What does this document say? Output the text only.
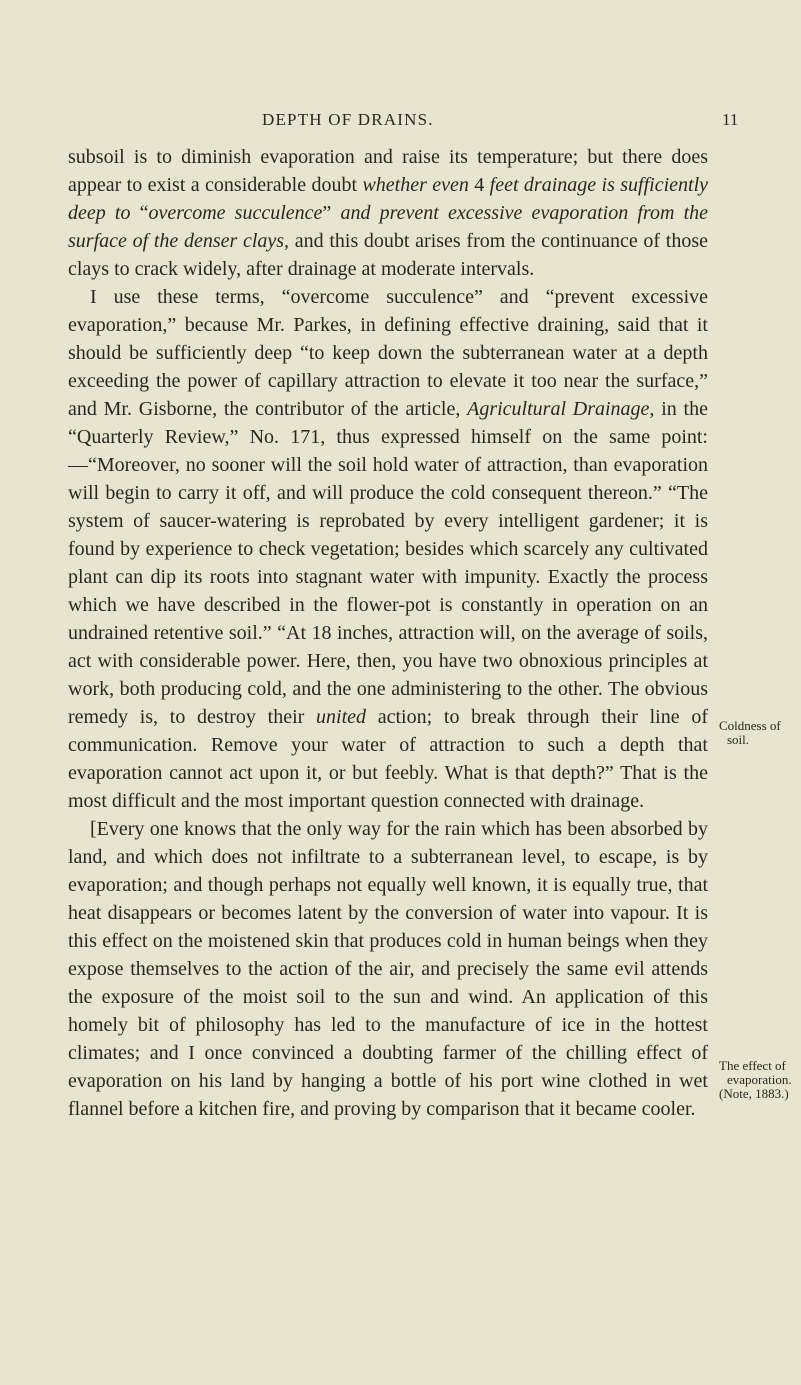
DEPTH OF DRAINS.	11

subsoil is to diminish evaporation and raise its temperature; but there does appear to exist a considerable doubt whether even 4 feet drainage is sufficiently deep to “overcome succulence” and prevent excessive evaporation from the surface of the denser clays, and this doubt arises from the continuance of those clays to crack widely, after drainage at moderate intervals.

I use these terms, “overcome succulence” and “prevent excessive evaporation,” because Mr. Parkes, in defining effective draining, said that it should be sufficiently deep “to keep down the subterranean water at a depth exceeding the power of capillary attraction to elevate it too near the surface,” and Mr. Gisborne, the contributor of the article, Agricultural Drainage, in the “Quarterly Review,” No. 171, thus expressed himself on the same point:—“Moreover, no sooner will the soil hold water of attraction, than evaporation will begin to carry it off, and will produce the cold consequent thereon.” “The system of saucer-watering is reprobated by every intelligent gardener; it is found by experience to check vegetation; besides which scarcely any cultivated plant can dip its roots into stagnant water with impunity. Exactly the process which we have described in the flower-pot is constantly in operation on an undrained retentive soil.” “At 18 inches, attraction will, on the average of soils, act with considerable power. Here, then, you have two obnoxious principles at work, both producing cold, and the one administering to the other. The obvious remedy is, to destroy their united action; to break through their line of communication. Remove your water of attraction to such a depth that evaporation cannot act upon it, or but feebly. What is that depth?” That is the most difficult and the most important question connected with drainage.

[Every one knows that the only way for the rain which has been absorbed by land, and which does not infiltrate to a subterranean level, to escape, is by evaporation; and though perhaps not equally well known, it is equally true, that heat disappears or becomes latent by the conversion of water into vapour. It is this effect on the moistened skin that produces cold in human beings when they expose themselves to the action of the air, and precisely the same evil attends the exposure of the moist soil to the sun and wind. An application of this homely bit of philosophy has led to the manufacture of ice in the hottest climates; and I once convinced a doubting farmer of the chilling effect of evaporation on his land by hanging a bottle of his port wine clothed in wet flannel before a kitchen fire, and proving by comparison that it became cooler.

Coldness of
soil.
The effect of
evaporation.
(Note, 1883.)
